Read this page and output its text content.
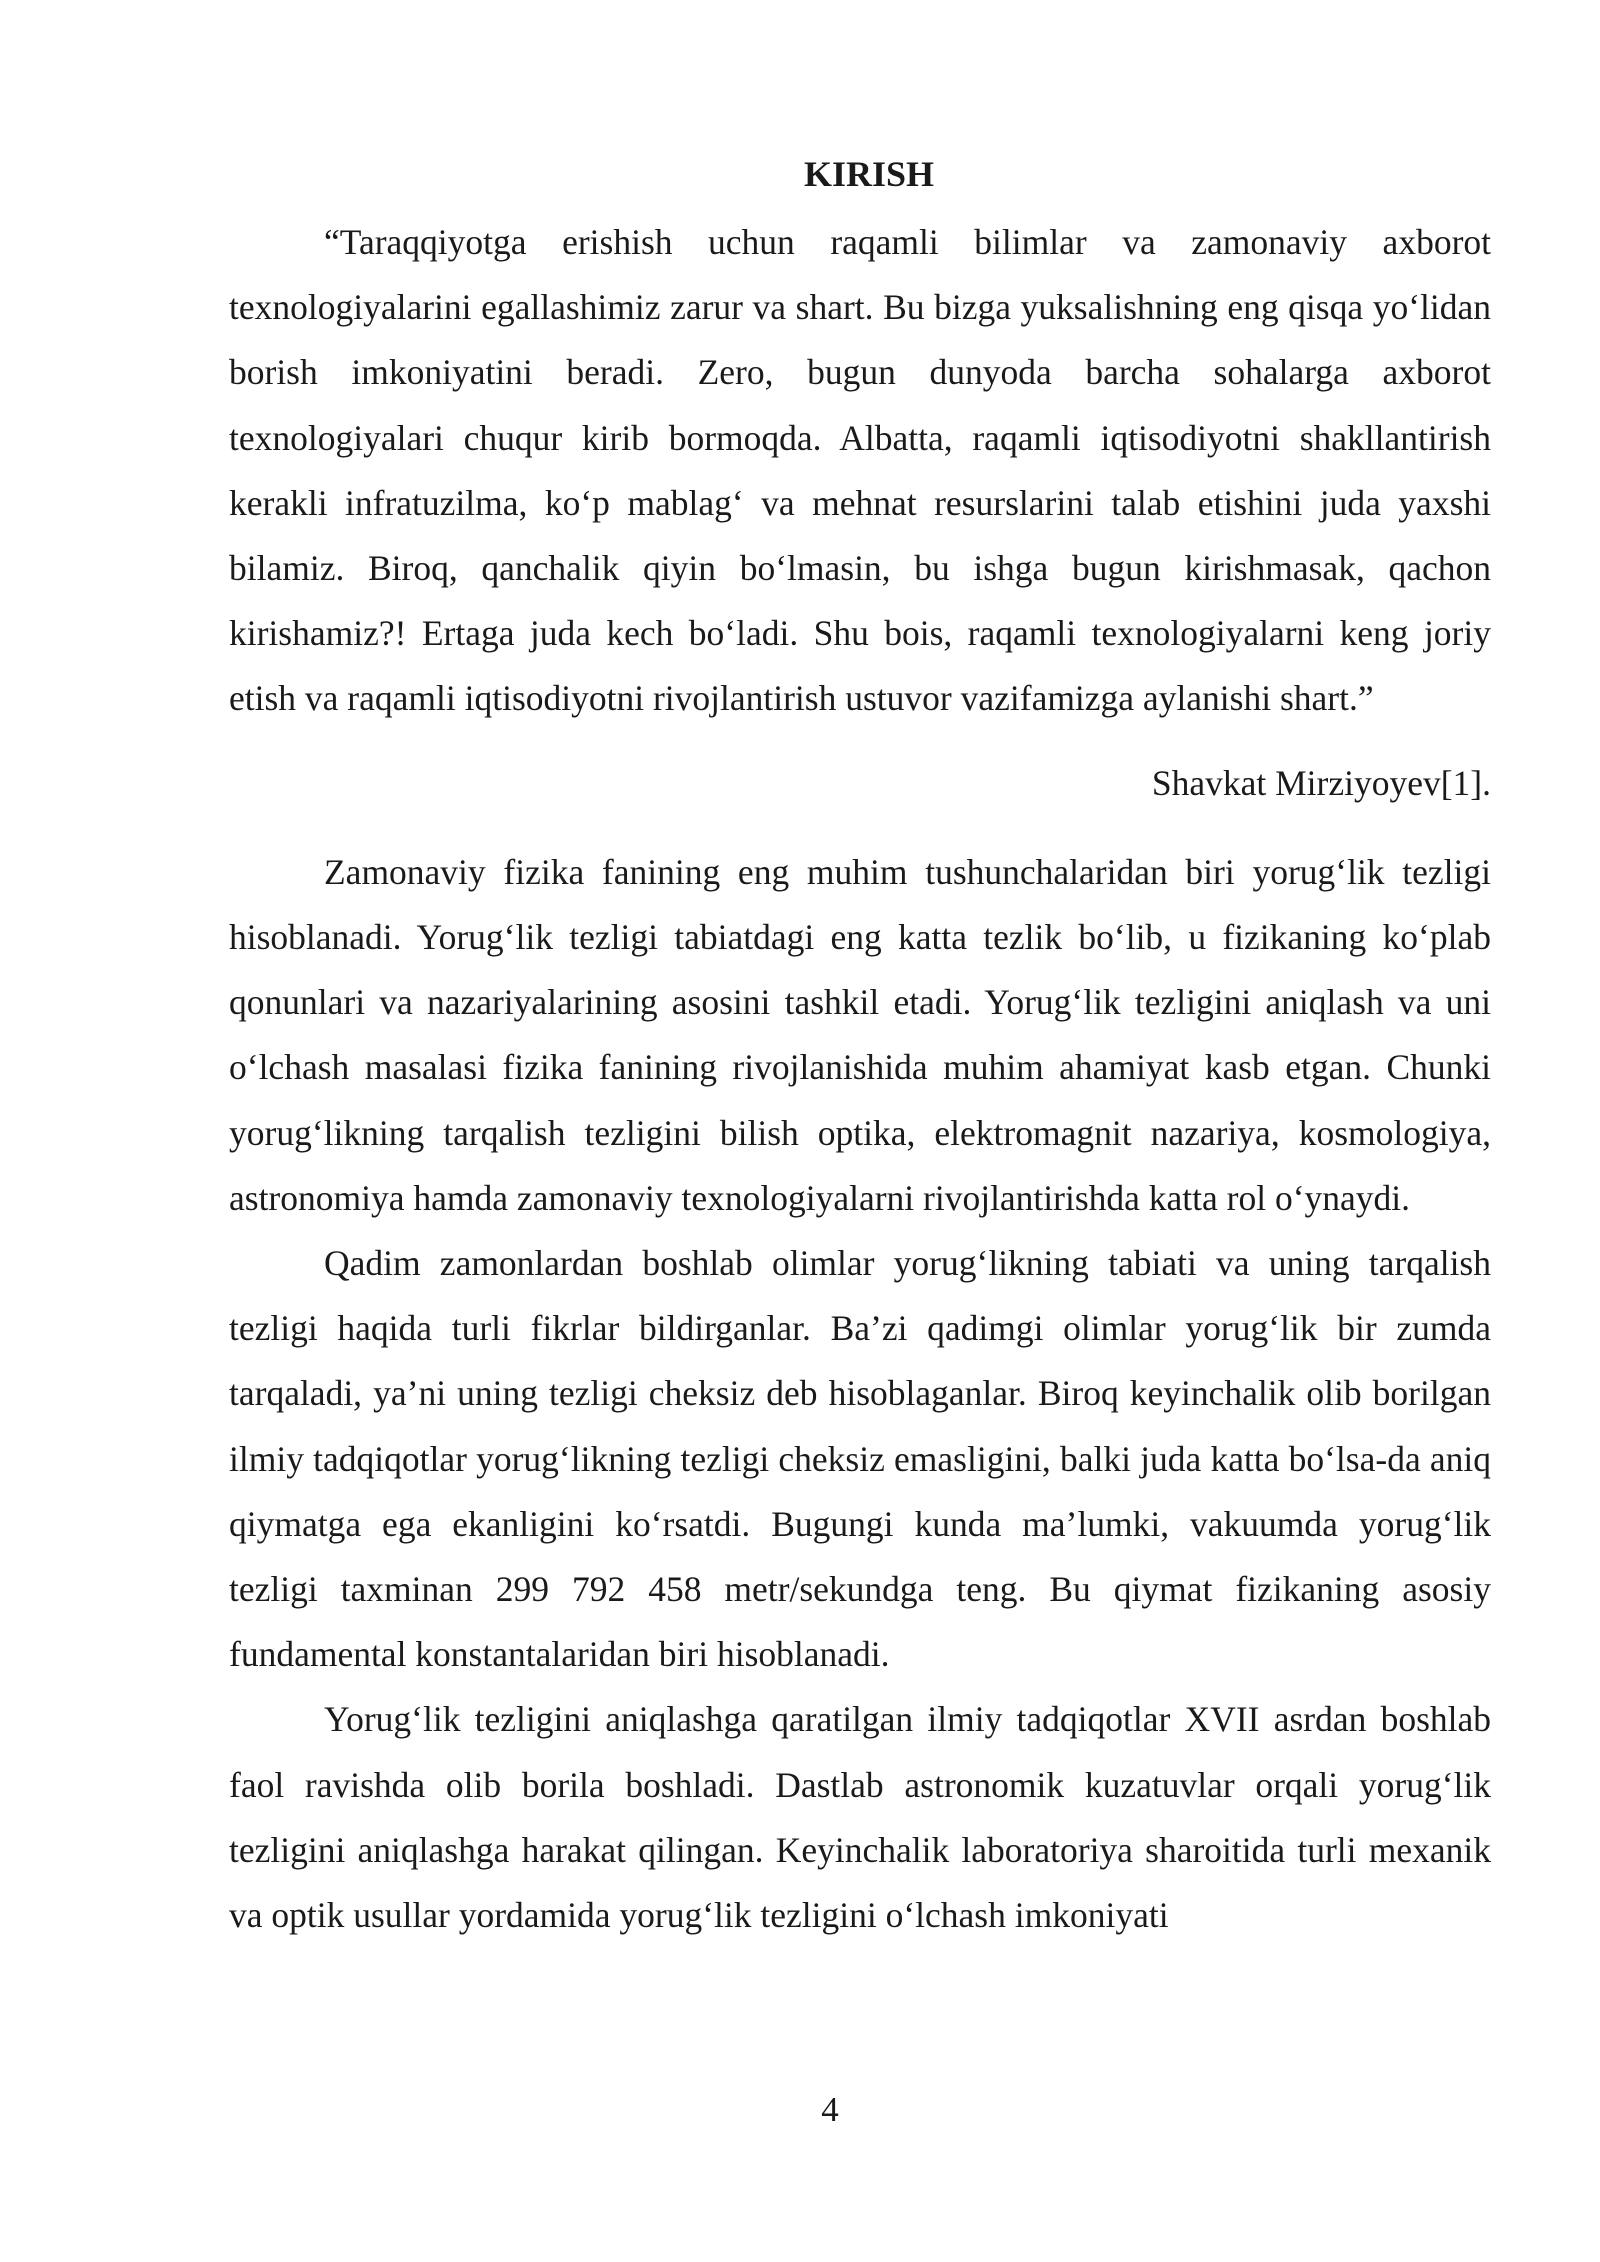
KIRISH

“Taraqqiyotga erishish uchun raqamli bilimlar va zamonaviy axborot texnologiyalarini egallashimiz zarur va shart. Bu bizga yuksalishning eng qisqa yo‘lidan borish imkoniyatini beradi. Zero, bugun dunyoda barcha sohalarga axborot texnologiyalari chuqur kirib bormoqda. Albatta, raqamli iqtisodiyotni shakllantirish kerakli infratuzilma, ko‘p mablag‘ va mehnat resurslarini talab etishini juda yaxshi bilamiz. Biroq, qanchalik qiyin bo‘lmasin, bu ishga bugun kirishmasak, qachon kirishamiz?! Ertaga juda kech bo‘ladi. Shu bois, raqamli texnologiyalarni keng joriy etish va raqamli iqtisodiyotni rivojlantirish ustuvor vazifamizga aylanishi shart.”

Shavkat Mirziyoyev[1].

Zamonaviy fizika fanining eng muhim tushunchalaridan biri yorug‘lik tezligi hisoblanadi. Yorug‘lik tezligi tabiatdagi eng katta tezlik bo‘lib, u fizikaning ko‘plab qonunlari va nazariyalarining asosini tashkil etadi. Yorug‘lik tezligini aniqlash va uni o‘lchash masalasi fizika fanining rivojlanishida muhim ahamiyat kasb etgan. Chunki yorug‘likning tarqalish tezligini bilish optika, elektromagnit nazariya, kosmologiya, astronomiya hamda zamonaviy texnologiyalarni rivojlantirishda katta rol o‘ynaydi.

Qadim zamonlardan boshlab olimlar yorug‘likning tabiati va uning tarqalish tezligi haqida turli fikrlar bildirganlar. Ba’zi qadimgi olimlar yorug‘lik bir zumda tarqaladi, ya’ni uning tezligi cheksiz deb hisoblaganlar. Biroq keyinchalik olib borilgan ilmiy tadqiqotlar yorug‘likning tezligi cheksiz emasligini, balki juda katta bo‘lsa-da aniq qiymatga ega ekanligini ko‘rsatdi. Bugungi kunda ma’lumki, vakuumda yorug‘lik tezligi taxminan 299 792 458 metr/sekundga teng. Bu qiymat fizikaning asosiy fundamental konstantalaridan biri hisoblanadi.

Yorug‘lik tezligini aniqlashga qaratilgan ilmiy tadqiqotlar XVII asrdan boshlab faol ravishda olib borila boshladi. Dastlab astronomik kuzatuvlar orqali yorug‘lik tezligini aniqlashga harakat qilingan. Keyinchalik laboratoriya sharoitida turli mexanik va optik usullar yordamida yorug‘lik tezligini o‘lchash imkoniyati

4
